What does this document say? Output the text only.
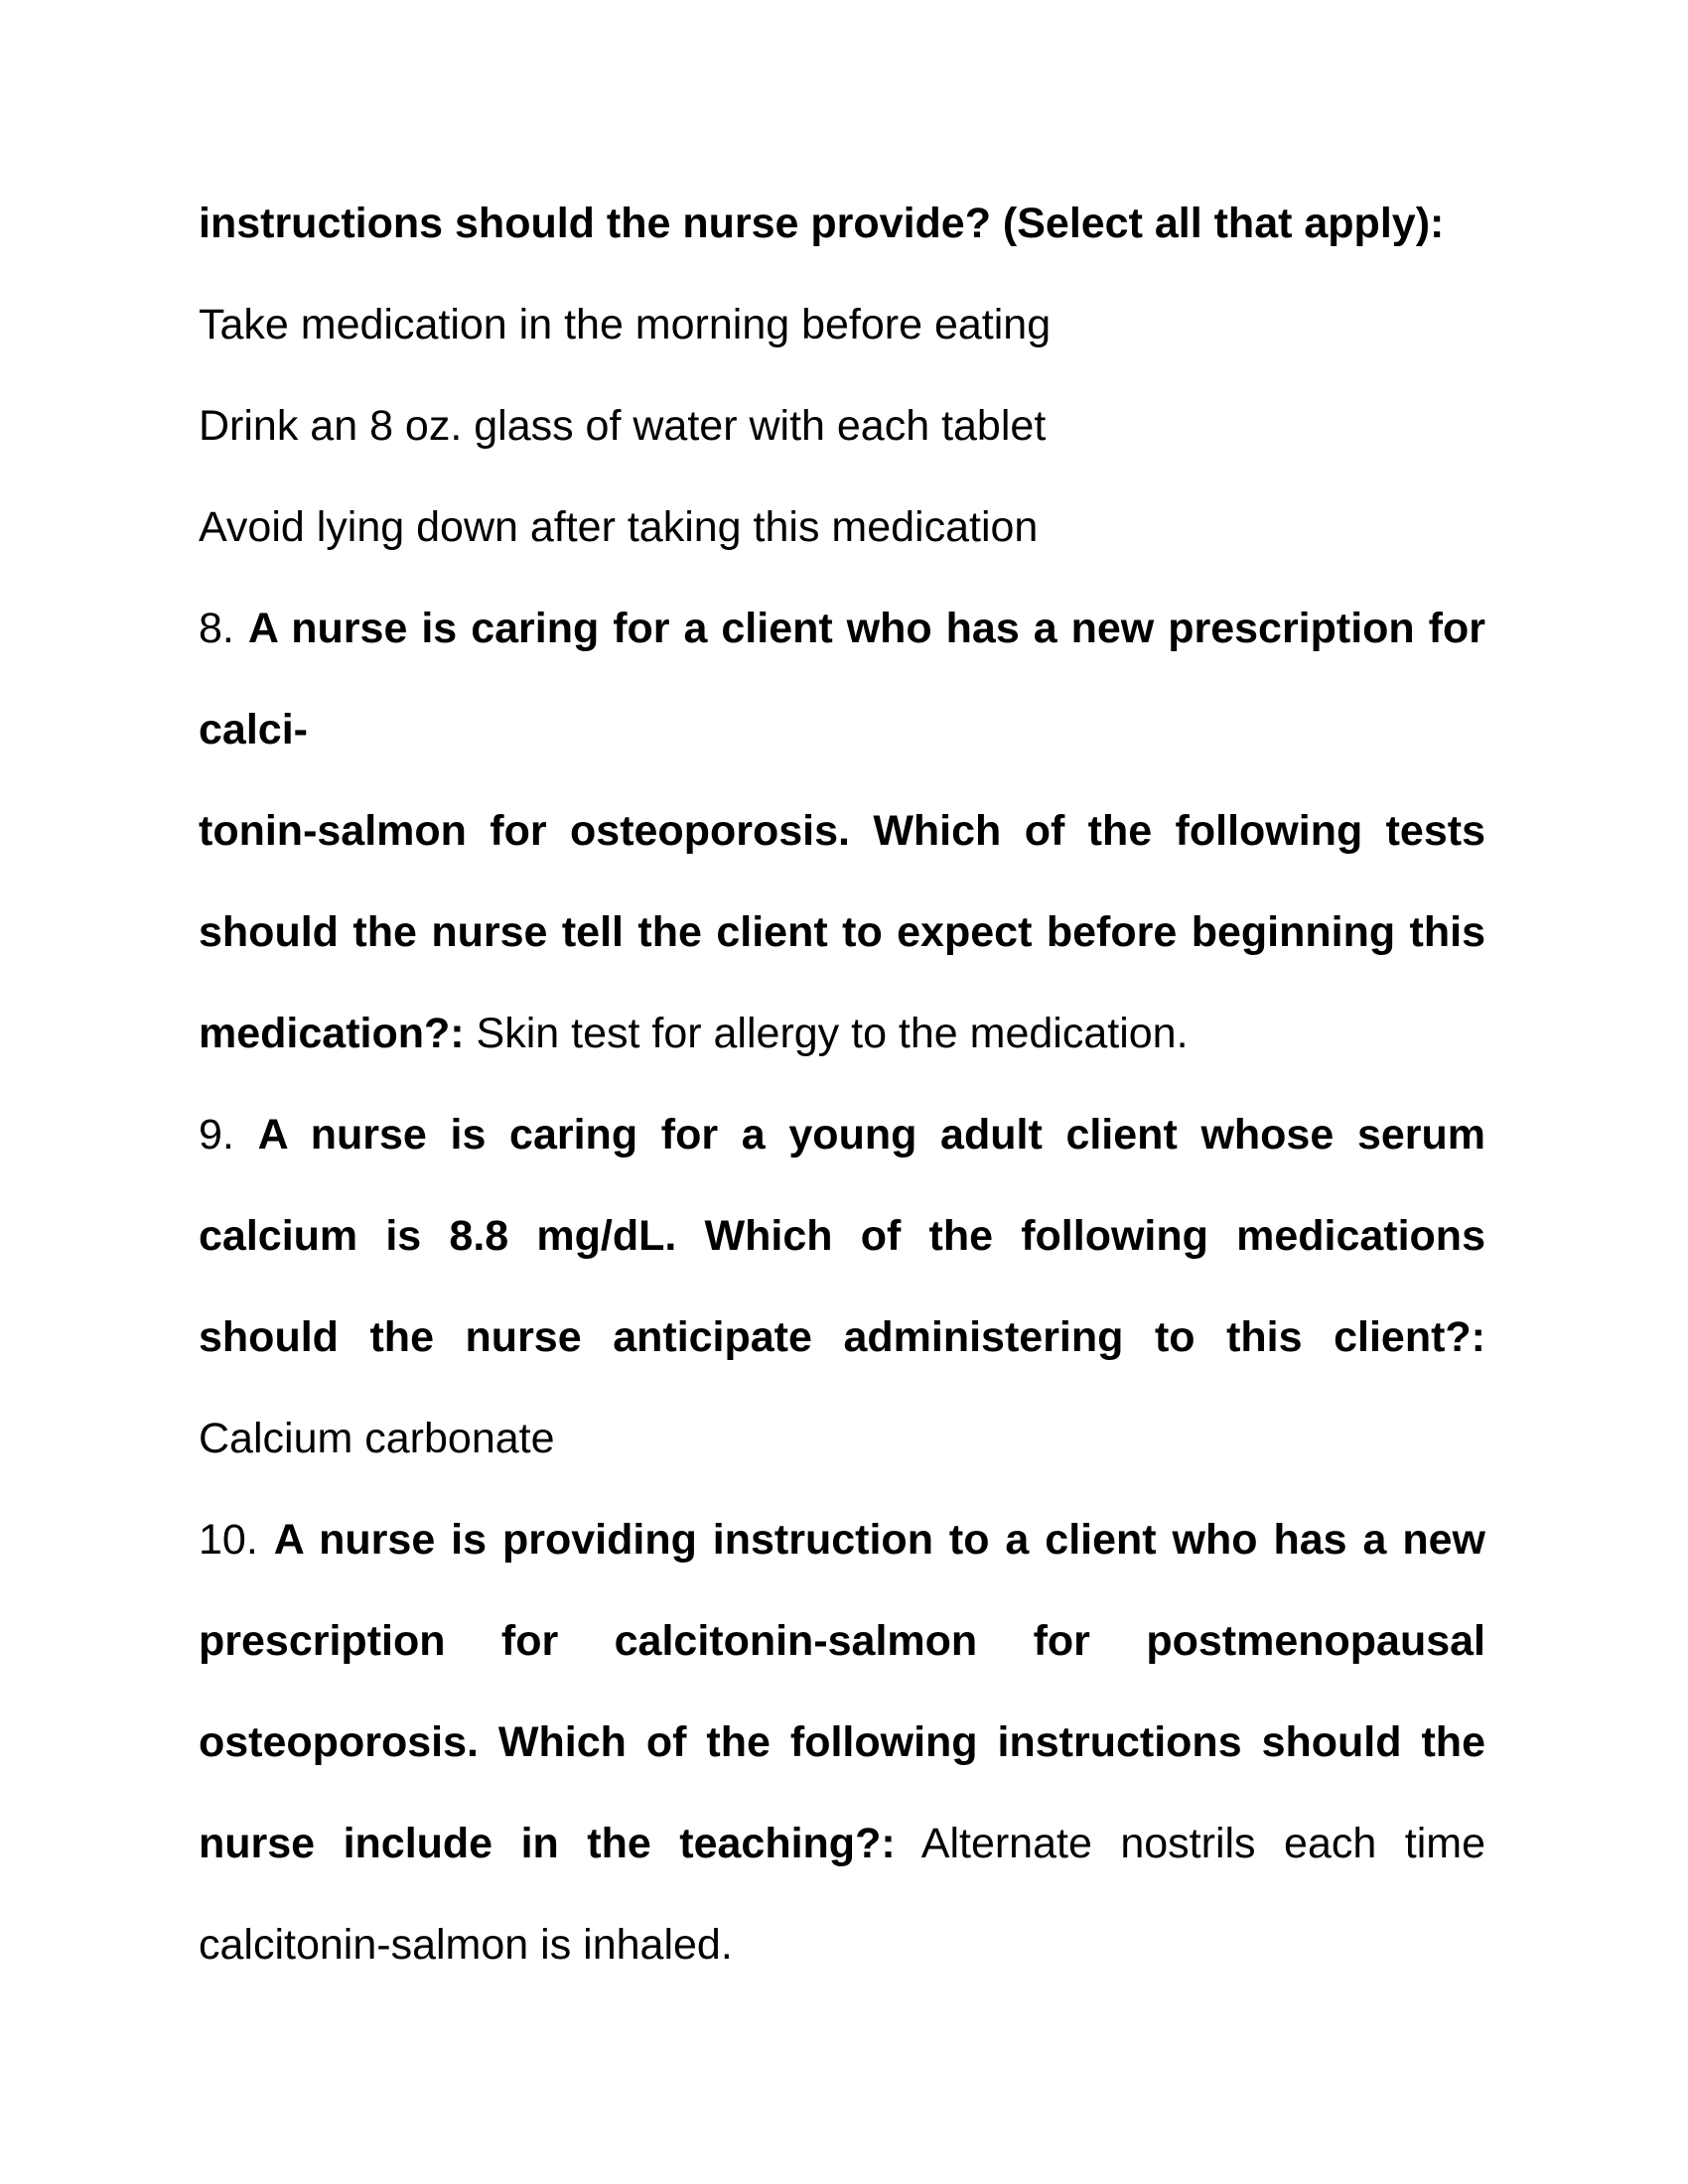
instructions should the nurse provide? (Select all that apply):
Take medication in the morning before eating
Drink an 8 oz. glass of water with each tablet
Avoid lying down after taking this medication
8. A nurse is caring for a client who has a new prescription for
calci-
tonin-salmon for osteoporosis. Which of the following tests
should the nurse tell the client to expect before beginning this
medication?: Skin test for allergy to the medication.
9. A nurse is caring for a young adult client whose serum
calcium is 8.8 mg/dL. Which of the following medications
should the nurse anticipate administering to this client?:
Calcium carbonate
10. A nurse is providing instruction to a client who has a new
prescription for calcitonin-salmon for postmenopausal
osteoporosis. Which of the following instructions should the
nurse include in the teaching?: Alternate nostrils each time
calcitonin-salmon is inhaled.
